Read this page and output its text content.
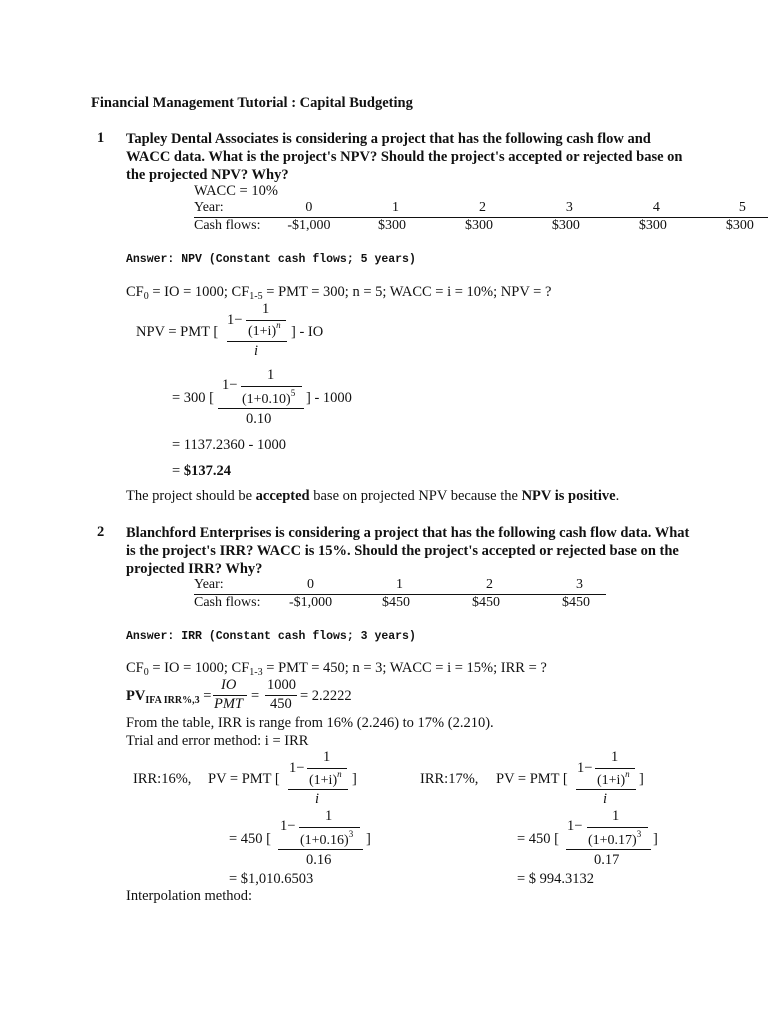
Financial Management Tutorial : Capital Budgeting
1 Tapley Dental Associates is considering a project that has the following cash flow and
WACC data. What is the project's NPV? Should the project's accepted or rejected base on
the projected NPV? Why?
WACC = 10%
Year:	0	1	2	3	4	5
Cash flows:	-$1,000	$300	$300	$300	$300	$300
Answer: NPV (Constant cash flows; 5 years)
$CF_0$ = IO = 1000; $CF_{1-5}$ = PMT = 300; n = 5; WACC = i = 10%; NPV = ?
NPV = PMT [
1−
1
$(1+i)^n$
i
] - IO
= 300 [
1−
1
$(1+0.10)^5$
0.10
] - 1000
= 1137.2360 - 1000
= $137.24
The project should be accepted base on projected NPV because the NPV is positive.
2 Blanchford Enterprises is considering a project that has the following cash flow data. What
is the project's IRR? WACC is 15%. Should the project's accepted or rejected base on the
projected IRR? Why?
Year:	0	1	2	3
Cash flows:	-$1,000	$450	$450	$450
Answer: IRR (Constant cash flows; 3 years)
$CF_0$ = IO = 1000; $CF_{1-3}$ = PMT = 450; n = 3; WACC = i = 15%; IRR = ?
$PV_{IFA IRR\%,3}$ =
IO
PMT =
1000
450 = 2.2222
From the table, IRR is range from 16% (2.246) to 17% (2.210).
Trial and error method: i = IRR
IRR:16%, PV = PMT [
1−
1
$(1+i)^n$
i
]	IRR:17%, PV = PMT [
1−
1
$(1+i)^n$
i
]
= 450 [
1−
1
$(1+0.16)^3$
0.16
]	= 450 [
1−
1
$(1+0.17)^3$
0.17
]
= $1,010.6503	= $ 994.3132
Interpolation method:
